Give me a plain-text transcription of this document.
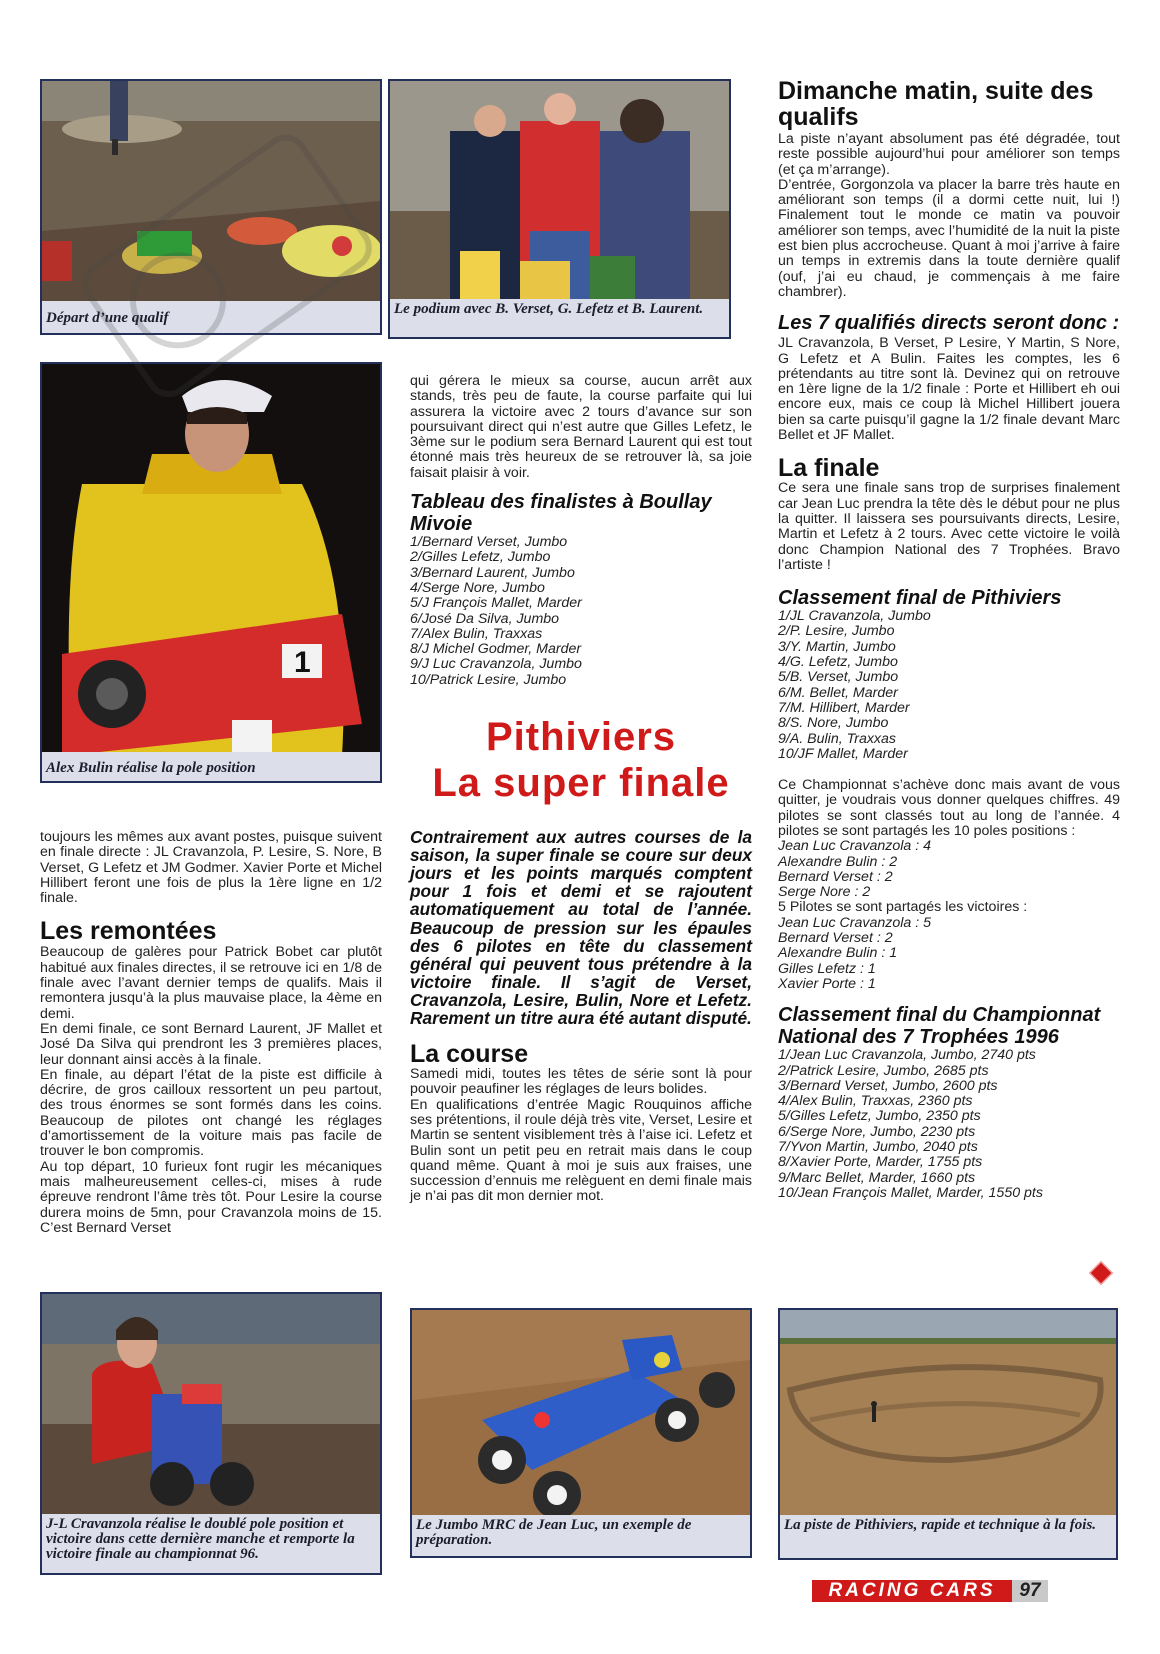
Départ d’une qualif
Le podium avec B. Verset, G. Lefetz et B. Laurent.
1
Alex Bulin réalise la pole position
J-L Cravanzola réalise le doublé pole position et victoire dans cette dernière manche et remporte la victoire finale au championnat 96.
Le Jumbo MRC de Jean Luc, un exemple de préparation.
La piste de Pithiviers, rapide et technique à la fois.

toujours les mêmes aux avant postes, puisque suivent en finale directe : JL Cravanzola, P. Lesire, S. Nore, B Verset, G Lefetz et JM Godmer. Xavier Porte et Michel Hillibert feront une fois de plus la 1ère ligne en 1/2 finale.

Les remontées

Beaucoup de galères pour Patrick Bobet car plutôt habitué aux finales directes, il se retrouve ici en 1/8 de finale avec l’avant dernier temps de qualifs. Mais il remontera jusqu’à la plus mauvaise place, la 4ème en demi.

En demi finale, ce sont Bernard Laurent, JF Mallet et José Da Silva qui prendront les 3 premières places, leur donnant ainsi accès à la finale.

En finale, au départ l’état de la piste est difficile à décrire, de gros cailloux ressortent un peu partout, des trous énormes se sont formés dans les coins. Beaucoup de pilotes ont changé les réglages d’amortissement de la voiture mais pas facile de trouver le bon compromis.

Au top départ, 10 furieux font rugir les mécaniques mais malheureusement celles-ci, mises à rude épreuve rendront l’âme très tôt. Pour Lesire la course durera moins de 5mn, pour Cravanzola moins de 15. C’est Bernard Verset

qui gérera le mieux sa course, aucun arrêt aux stands, très peu de faute, la course parfaite qui lui assurera la victoire avec 2 tours d’avance sur son poursuivant direct qui n’est autre que Gilles Lefetz, le 3ème sur le podium sera Bernard Laurent qui est tout étonné mais très heureux de se retrouver là, sa joie faisait plaisir à voir.

Tableau des finalistes à Boullay Mivoie
1/Bernard Verset, Jumbo
2/Gilles Lefetz, Jumbo
3/Bernard Laurent, Jumbo
4/Serge Nore, Jumbo
5/J François Mallet, Marder
6/José Da Silva, Jumbo
7/Alex Bulin, Traxxas
8/J Michel Godmer, Marder
9/J Luc Cravanzola, Jumbo
10/Patrick Lesire, Jumbo
Pithiviers
La super finale

Contrairement aux autres courses de la saison, la super finale se coure sur deux jours et les points marqués comptent pour 1 fois et demi et se rajoutent automatiquement au total de l’année. Beaucoup de pression sur les épaules des 6 pilotes en tête du classement général qui peuvent tous prétendre à la victoire finale. Il s’agit de Verset, Cravanzola, Lesire, Bulin, Nore et Lefetz. Rarement un titre aura été autant disputé.

La course

Samedi midi, toutes les têtes de série sont là pour pouvoir peaufiner les réglages de leurs bolides.

En qualifications d’entrée Magic Rouquinos affiche ses prétentions, il roule déjà très vite, Verset, Lesire et Martin se sentent visiblement très à l’aise ici. Lefetz et Bulin sont un petit peu en retrait mais dans le coup quand même. Quant à moi je suis aux fraises, une succession d’ennuis me relèguent en demi finale mais je n’ai pas dit mon dernier mot.

Dimanche matin, suite des qualifs

La piste n’ayant absolument pas été dégradée, tout reste possible aujourd’hui pour améliorer son temps (et ça m’arrange).

D’entrée, Gorgonzola va placer la barre très haute en améliorant son temps (il a dormi cette nuit, lui !) Finalement tout le monde ce matin va pouvoir améliorer son temps, avec l’humidité de la nuit la piste est bien plus accrocheuse. Quant à moi j’arrive à faire un temps in extremis dans la toute dernière qualif (ouf, j’ai eu chaud, je commençais à me faire chambrer).

Les 7 qualifiés directs seront donc :

JL Cravanzola, B Verset, P Lesire, Y Martin, S Nore, G Lefetz et A Bulin. Faites les comptes, les 6 prétendants au titre sont là. Devinez qui on retrouve en 1ère ligne de la 1/2 finale : Porte et Hillibert eh oui encore eux, mais ce coup là Michel Hillibert jouera bien sa carte puisqu’il gagne la 1/2 finale devant Marc Bellet et JF Mallet.

La finale

Ce sera une finale sans trop de surprises finalement car Jean Luc prendra la tête dès le début pour ne plus la quitter. Il laissera ses poursuivants directs, Lesire, Martin et Lefetz à 2 tours. Avec cette victoire le voilà donc Champion National des 7 Trophées. Bravo l’artiste !

Classement final de Pithiviers
1/JL Cravanzola, Jumbo
2/P. Lesire, Jumbo
3/Y. Martin, Jumbo
4/G. Lefetz, Jumbo
5/B. Verset, Jumbo
6/M. Bellet, Marder
7/M. Hillibert, Marder
8/S. Nore, Jumbo
9/A. Bulin, Traxxas
10/JF Mallet, Marder

Ce Championnat s’achève donc mais avant de vous quitter, je voudrais vous donner quelques chiffres. 49 pilotes se sont classés tout au long de l’année. 4 pilotes se sont partagés les 10 poles positions :

Jean Luc Cravanzola : 4
Alexandre Bulin : 2
Bernard Verset : 2
Serge Nore : 2

5 Pilotes se sont partagés les victoires :

Jean Luc Cravanzola : 5
Bernard Verset : 2
Alexandre Bulin : 1
Gilles Lefetz : 1
Xavier Porte : 1
Classement final du Championnat National des 7 Trophées 1996
1/Jean Luc Cravanzola, Jumbo, 2740 pts
2/Patrick Lesire, Jumbo, 2685 pts
3/Bernard Verset, Jumbo, 2600 pts
4/Alex Bulin, Traxxas, 2360 pts
5/Gilles Lefetz, Jumbo, 2350 pts
6/Serge Nore, Jumbo, 2230 pts
7/Yvon Martin, Jumbo, 2040 pts
8/Xavier Porte, Marder, 1755 pts
9/Marc Bellet, Marder, 1660 pts
10/Jean François Mallet, Marder, 1550 pts
RACING CARS	97
